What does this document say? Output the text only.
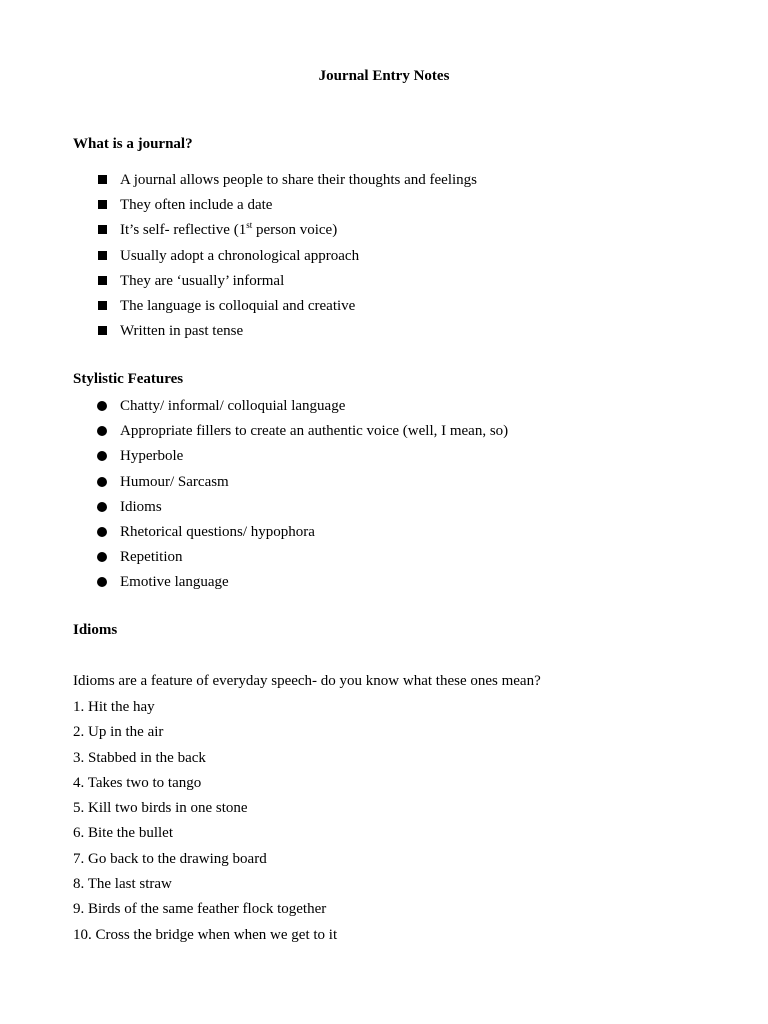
Journal Entry Notes
What is a journal?
A journal allows people to share their thoughts and feelings
They often include a date
It’s self- reflective (1st person voice)
Usually adopt a chronological approach
They are ‘usually’ informal
The language is colloquial and creative
Written in past tense
Stylistic Features
Chatty/ informal/ colloquial language
Appropriate fillers to create an authentic voice (well, I mean, so)
Hyperbole
Humour/ Sarcasm
Idioms
Rhetorical questions/ hypophora
Repetition
Emotive language
Idioms
Idioms are a feature of everyday speech- do you know what these ones mean?
1. Hit the hay
2. Up in the air
3. Stabbed in the back
4. Takes two to tango
5. Kill two birds in one stone
6. Bite the bullet
7. Go back to the drawing board
8. The last straw
9. Birds of the same feather flock together
10. Cross the bridge when when we get to it
